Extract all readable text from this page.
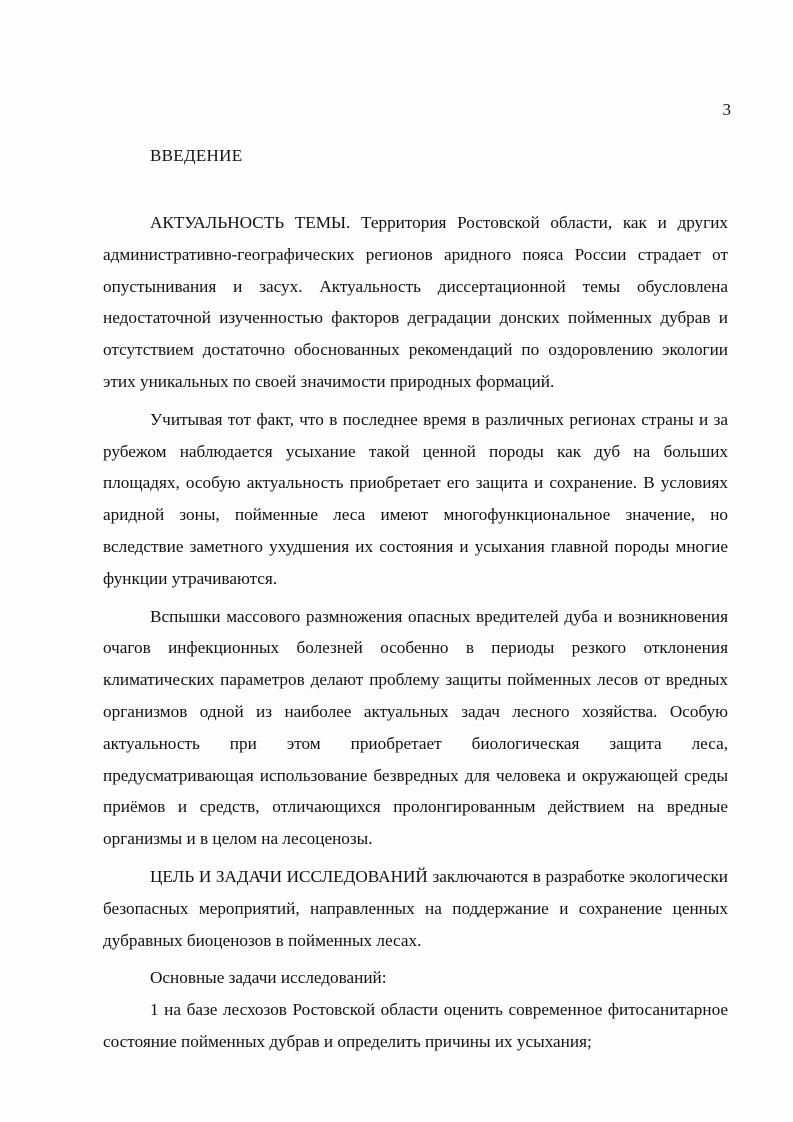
3
ВВЕДЕНИЕ

АКТУАЛЬНОСТЬ ТЕМЫ. Территория Ростовской области, как и других административно-географических регионов аридного пояса России страдает от опустынивания и засух. Актуальность диссертационной темы обусловлена недостаточной изученностью факторов деградации донских пойменных дубрав и отсутствием достаточно обоснованных рекомендаций по оздоровлению экологии этих уникальных по своей значимости природных формаций.

Учитывая тот факт, что в последнее время в различных регионах страны и за рубежом наблюдается усыхание такой ценной породы как дуб на больших площадях, особую актуальность приобретает его защита и сохранение. В условиях аридной зоны, пойменные леса имеют многофункциональное значение, но вследствие заметного ухудшения их состояния и усыхания главной породы многие функции утрачиваются.

Вспышки массового размножения опасных вредителей дуба и возникновения очагов инфекционных болезней особенно в периоды резкого отклонения климатических параметров делают проблему защиты пойменных лесов от вредных организмов одной из наиболее актуальных задач лесного хозяйства. Особую актуальность при этом приобретает биологическая защита леса, предусматривающая использование безвредных для человека и окружающей среды приёмов и средств, отличающихся пролонгированным действием на вредные организмы и в целом на лесоценозы.

ЦЕЛЬ И ЗАДАЧИ ИССЛЕДОВАНИЙ заключаются в разработке экологически безопасных мероприятий, направленных на поддержание и сохранение ценных дубравных биоценозов в пойменных лесах.

Основные задачи исследований:

1 на базе лесхозов Ростовской области оценить современное фитосанитарное состояние пойменных дубрав и определить причины их усыхания;
